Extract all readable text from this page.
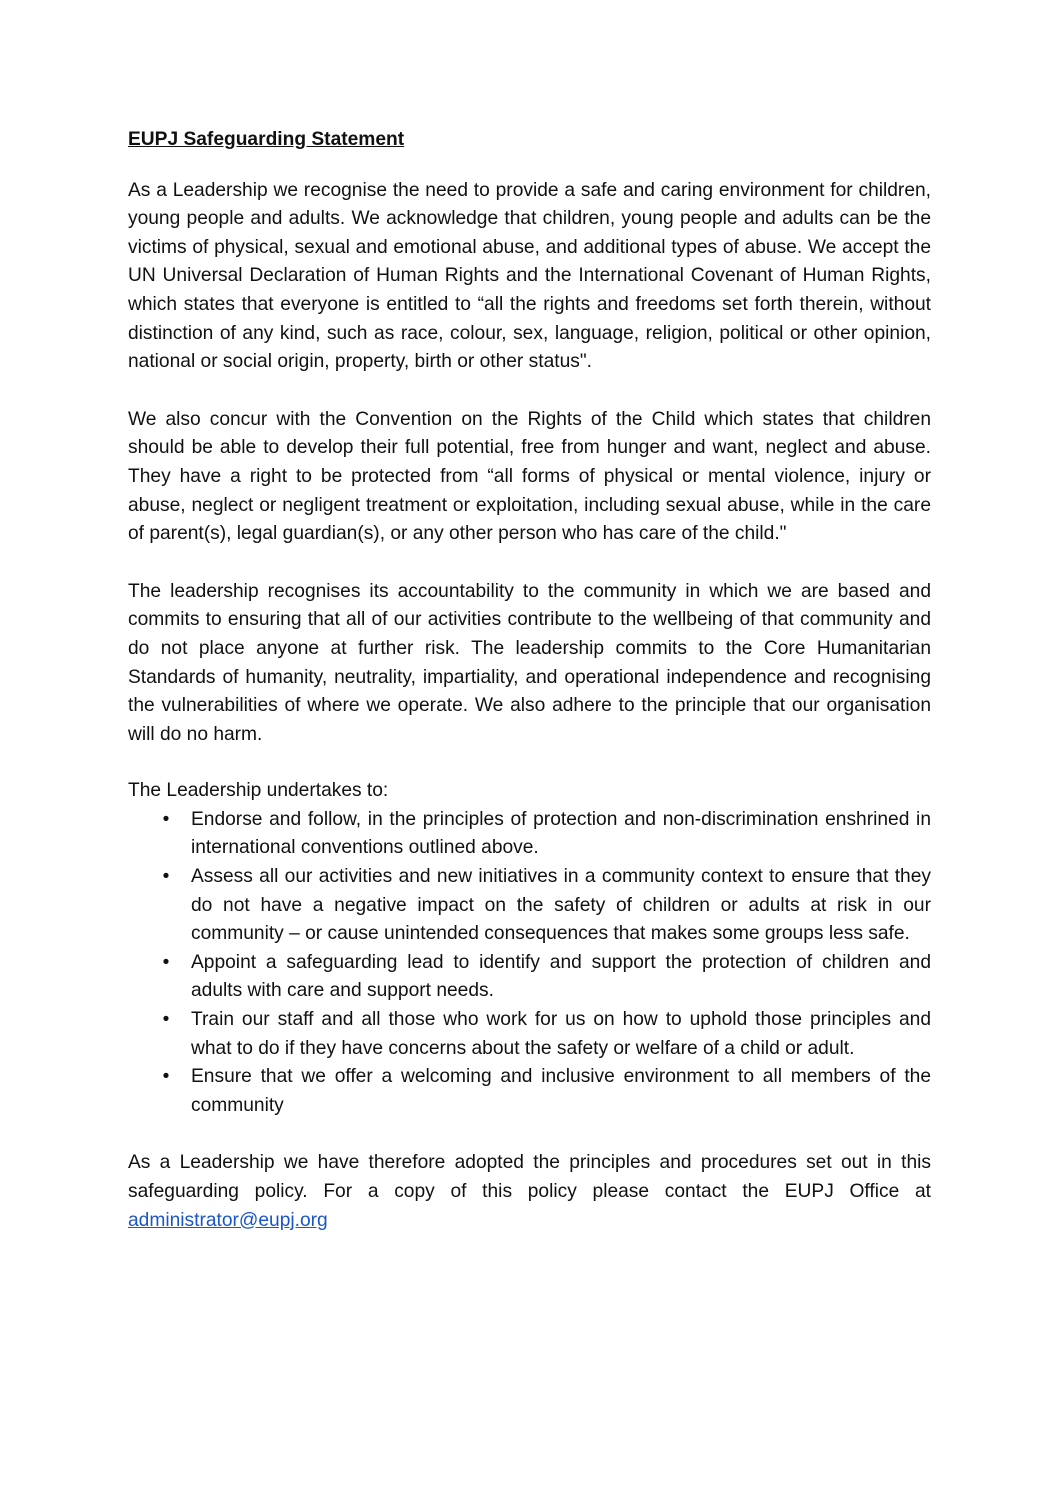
EUPJ Safeguarding Statement

As a Leadership we recognise the need to provide a safe and caring environment for children, young people and adults. We acknowledge that children, young people and adults can be the victims of physical, sexual and emotional abuse, and additional types of abuse. We accept the UN Universal Declaration of Human Rights and the International Covenant of Human Rights, which states that everyone is entitled to “all the rights and freedoms set forth therein, without distinction of any kind, such as race, colour, sex, language, religion, political or other opinion, national or social origin, property, birth or other status".

We also concur with the Convention on the Rights of the Child which states that children should be able to develop their full potential, free from hunger and want, neglect and abuse. They have a right to be protected from “all forms of physical or mental violence, injury or abuse, neglect or negligent treatment or exploitation, including sexual abuse, while in the care of parent(s), legal guardian(s), or any other person who has care of the child."

The leadership recognises its accountability to the community in which we are based and commits to ensuring that all of our activities contribute to the wellbeing of that community and do not place anyone at further risk. The leadership commits to the Core Humanitarian Standards of humanity, neutrality, impartiality, and operational independence and recognising the vulnerabilities of where we operate. We also adhere to the principle that our organisation will do no harm.

The Leadership undertakes to:

• Endorse and follow, in the principles of protection and non-discrimination enshrined in international conventions outlined above.
• Assess all our activities and new initiatives in a community context to ensure that they do not have a negative impact on the safety of children or adults at risk in our community – or cause unintended consequences that makes some groups less safe.
• Appoint a safeguarding lead to identify and support the protection of children and adults with care and support needs.
• Train our staff and all those who work for us on how to uphold those principles and what to do if they have concerns about the safety or welfare of a child or adult.
• Ensure that we offer a welcoming and inclusive environment to all members of the community

As a Leadership we have therefore adopted the principles and procedures set out in this safeguarding policy. For a copy of this policy please contact the EUPJ Office at administrator@eupj.org
